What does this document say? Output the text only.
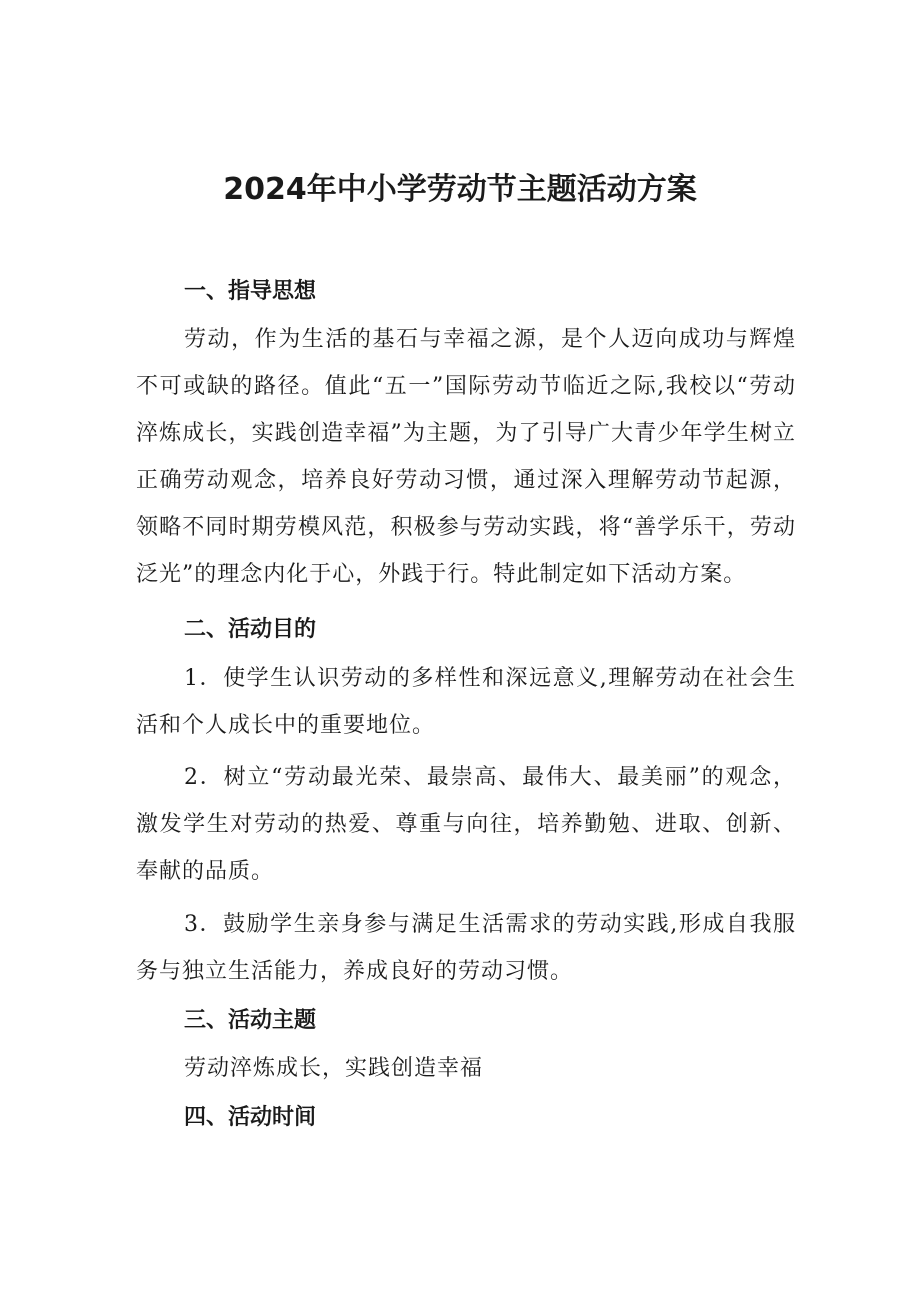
2024年中小学劳动节主题活动方案
一、指导思想

劳动，作为生活的基石与幸福之源，是个人迈向成功与辉煌不可或缺的路径。值此“五一”国际劳动节临近之际,我校以“劳动淬炼成长，实践创造幸福”为主题，为了引导广大青少年学生树立正确劳动观念，培养良好劳动习惯，通过深入理解劳动节起源，领略不同时期劳模风范，积极参与劳动实践，将“善学乐干，劳动泛光”的理念内化于心，外践于行。特此制定如下活动方案。

二、活动目的

1．使学生认识劳动的多样性和深远意义,理解劳动在社会生活和个人成长中的重要地位。

2．树立“劳动最光荣、最崇高、最伟大、最美丽”的观念，激发学生对劳动的热爱、尊重与向往，培养勤勉、进取、创新、奉献的品质。

3．鼓励学生亲身参与满足生活需求的劳动实践,形成自我服务与独立生活能力，养成良好的劳动习惯。

三、活动主题
劳动淬炼成长，实践创造幸福
四、活动时间
